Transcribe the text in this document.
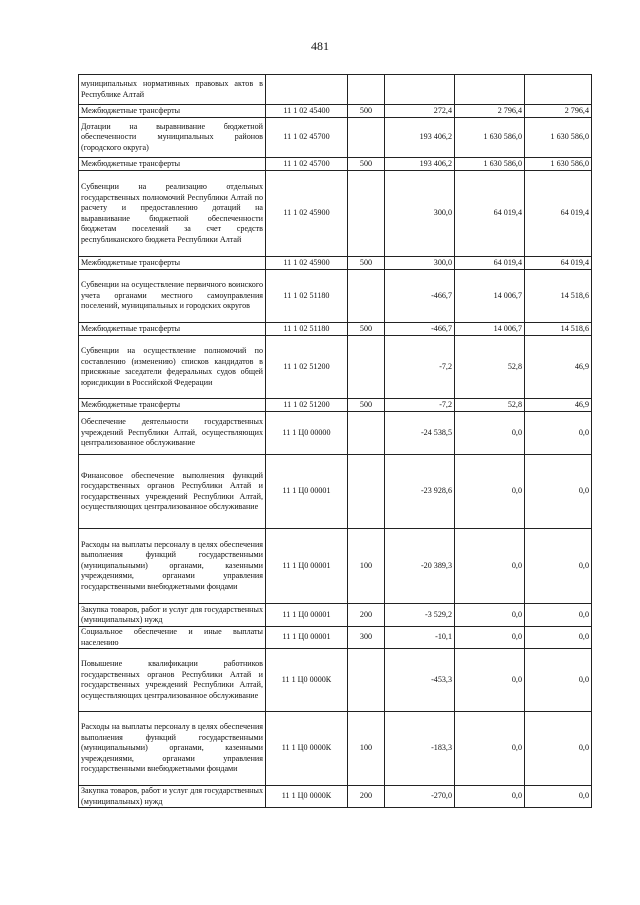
481
муниципальных нормативных правовых актов в Республике Алтай					
Межбюджетные трансферты	11 1 02 45400	500	272,4	2 796,4	2 796,4
Дотации на выравнивание бюджетной обеспеченности муниципальных районов (городского округа)	11 1 02 45700		193 406,2	1 630 586,0	1 630 586,0
Межбюджетные трансферты	11 1 02 45700	500	193 406,2	1 630 586,0	1 630 586,0
Субвенции на реализацию отдельных государственных полномочий Республики Алтай по расчету и предоставлению дотаций на выравнивание бюджетной обеспеченности бюджетам поселений за счет средств республиканского бюджета Республики Алтай	11 1 02 45900		300,0	64 019,4	64 019,4
Межбюджетные трансферты	11 1 02 45900	500	300,0	64 019,4	64 019,4
Субвенции на осуществление первичного воинского учета органами местного самоуправления поселений, муниципальных и городских округов	11 1 02 51180		-466,7	14 006,7	14 518,6
Межбюджетные трансферты	11 1 02 51180	500	-466,7	14 006,7	14 518,6
Субвенции на осуществление полномочий по составлению (изменению) списков кандидатов в присяжные заседатели федеральных судов общей юрисдикции в Российской Федерации	11 1 02 51200		-7,2	52,8	46,9
Межбюджетные трансферты	11 1 02 51200	500	-7,2	52,8	46,9
Обеспечение деятельности государственных учреждений Республики Алтай, осуществляющих централизованное обслуживание	11 1 Ц0 00000		-24 538,5	0,0	0,0
Финансовое обеспечение выполнения функций государственных органов Республики Алтай и государственных учреждений Республики Алтай, осуществляющих централизованное обслуживание	11 1 Ц0 00001		-23 928,6	0,0	0,0
Расходы на выплаты персоналу в целях обеспечения выполнения функций государственными (муниципальными) органами, казенными учреждениями, органами управления государственными внебюджетными фондами	11 1 Ц0 00001	100	-20 389,3	0,0	0,0
Закупка товаров, работ и услуг для государственных (муниципальных) нужд	11 1 Ц0 00001	200	-3 529,2	0,0	0,0
Социальное обеспечение и иные выплаты населению	11 1 Ц0 00001	300	-10,1	0,0	0,0
Повышение квалификации работников государственных органов Республики Алтай и государственных учреждений Республики Алтай, осуществляющих централизованное обслуживание	11 1 Ц0 0000К		-453,3	0,0	0,0
Расходы на выплаты персоналу в целях обеспечения выполнения функций государственными (муниципальными) органами, казенными учреждениями, органами управления государственными внебюджетными фондами	11 1 Ц0 0000К	100	-183,3	0,0	0,0
Закупка товаров, работ и услуг для государственных (муниципальных) нужд	11 1 Ц0 0000К	200	-270,0	0,0	0,0
